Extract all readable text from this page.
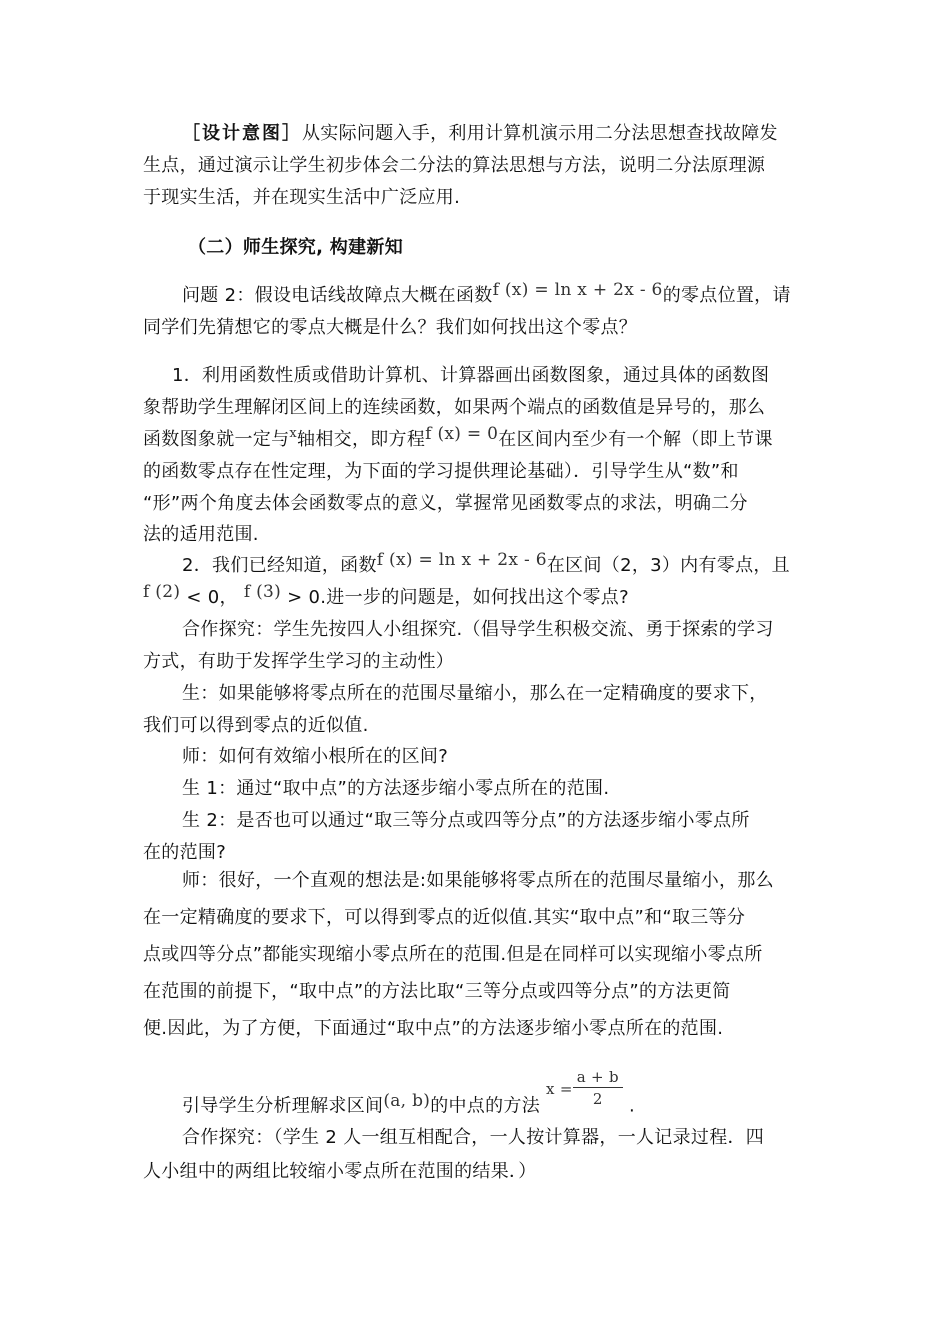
［设计意图］从实际问题入手，利用计算机演示用二分法思想查找故障发
生点，通过演示让学生初步体会二分法的算法思想与方法，说明二分法原理源
于现实生活，并在现实生活中广泛应用.
（二）师生探究, 构建新知
问题 2：假设电话线故障点大概在函数f (x) = ln x + 2x - 6的零点位置，请
同学们先猜想它的零点大概是什么？我们如何找出这个零点？
1．利用函数性质或借助计算机、计算器画出函数图象，通过具体的函数图
象帮助学生理解闭区间上的连续函数，如果两个端点的函数值是异号的，那么
函数图象就一定与$^x$轴相交，即方程f (x) = 0在区间内至少有一个解（即上节课
的函数零点存在性定理，为下面的学习提供理论基础）．引导学生从“数”和
“形”两个角度去体会函数零点的意义，掌握常见函数零点的求法，明确二分
法的适用范围.
2．我们已经知道，函数f (x) = ln x + 2x - 6在区间（2，3）内有零点，且
f (2) < 0， f (3) > 0.进一步的问题是，如何找出这个零点?
合作探究：学生先按四人小组探究.（倡导学生积极交流、勇于探索的学习
方式，有助于发挥学生学习的主动性）
生：如果能够将零点所在的范围尽量缩小，那么在一定精确度的要求下，
我们可以得到零点的近似值.
师：如何有效缩小根所在的区间?
生 1：通过“取中点”的方法逐步缩小零点所在的范围.
生 2：是否也可以通过“取三等分点或四等分点”的方法逐步缩小零点所
在的范围?
师：很好，一个直观的想法是:如果能够将零点所在的范围尽量缩小，那么
在一定精确度的要求下，可以得到零点的近似值.其实“取中点”和“取三等分
点或四等分点”都能实现缩小零点所在的范围.但是在同样可以实现缩小零点所
在范围的前提下，“取中点”的方法比取“三等分点或四等分点”的方法更简
便.因此，为了方便，下面通过“取中点”的方法逐步缩小零点所在的范围.
引导学生分析理解求区间(a, b)的中点的方法 $^{x =} \frac{a + b}{2}$ .
合作探究：（学生 2 人一组互相配合，一人按计算器，一人记录过程．四
人小组中的两组比较缩小零点所在范围的结果．）
